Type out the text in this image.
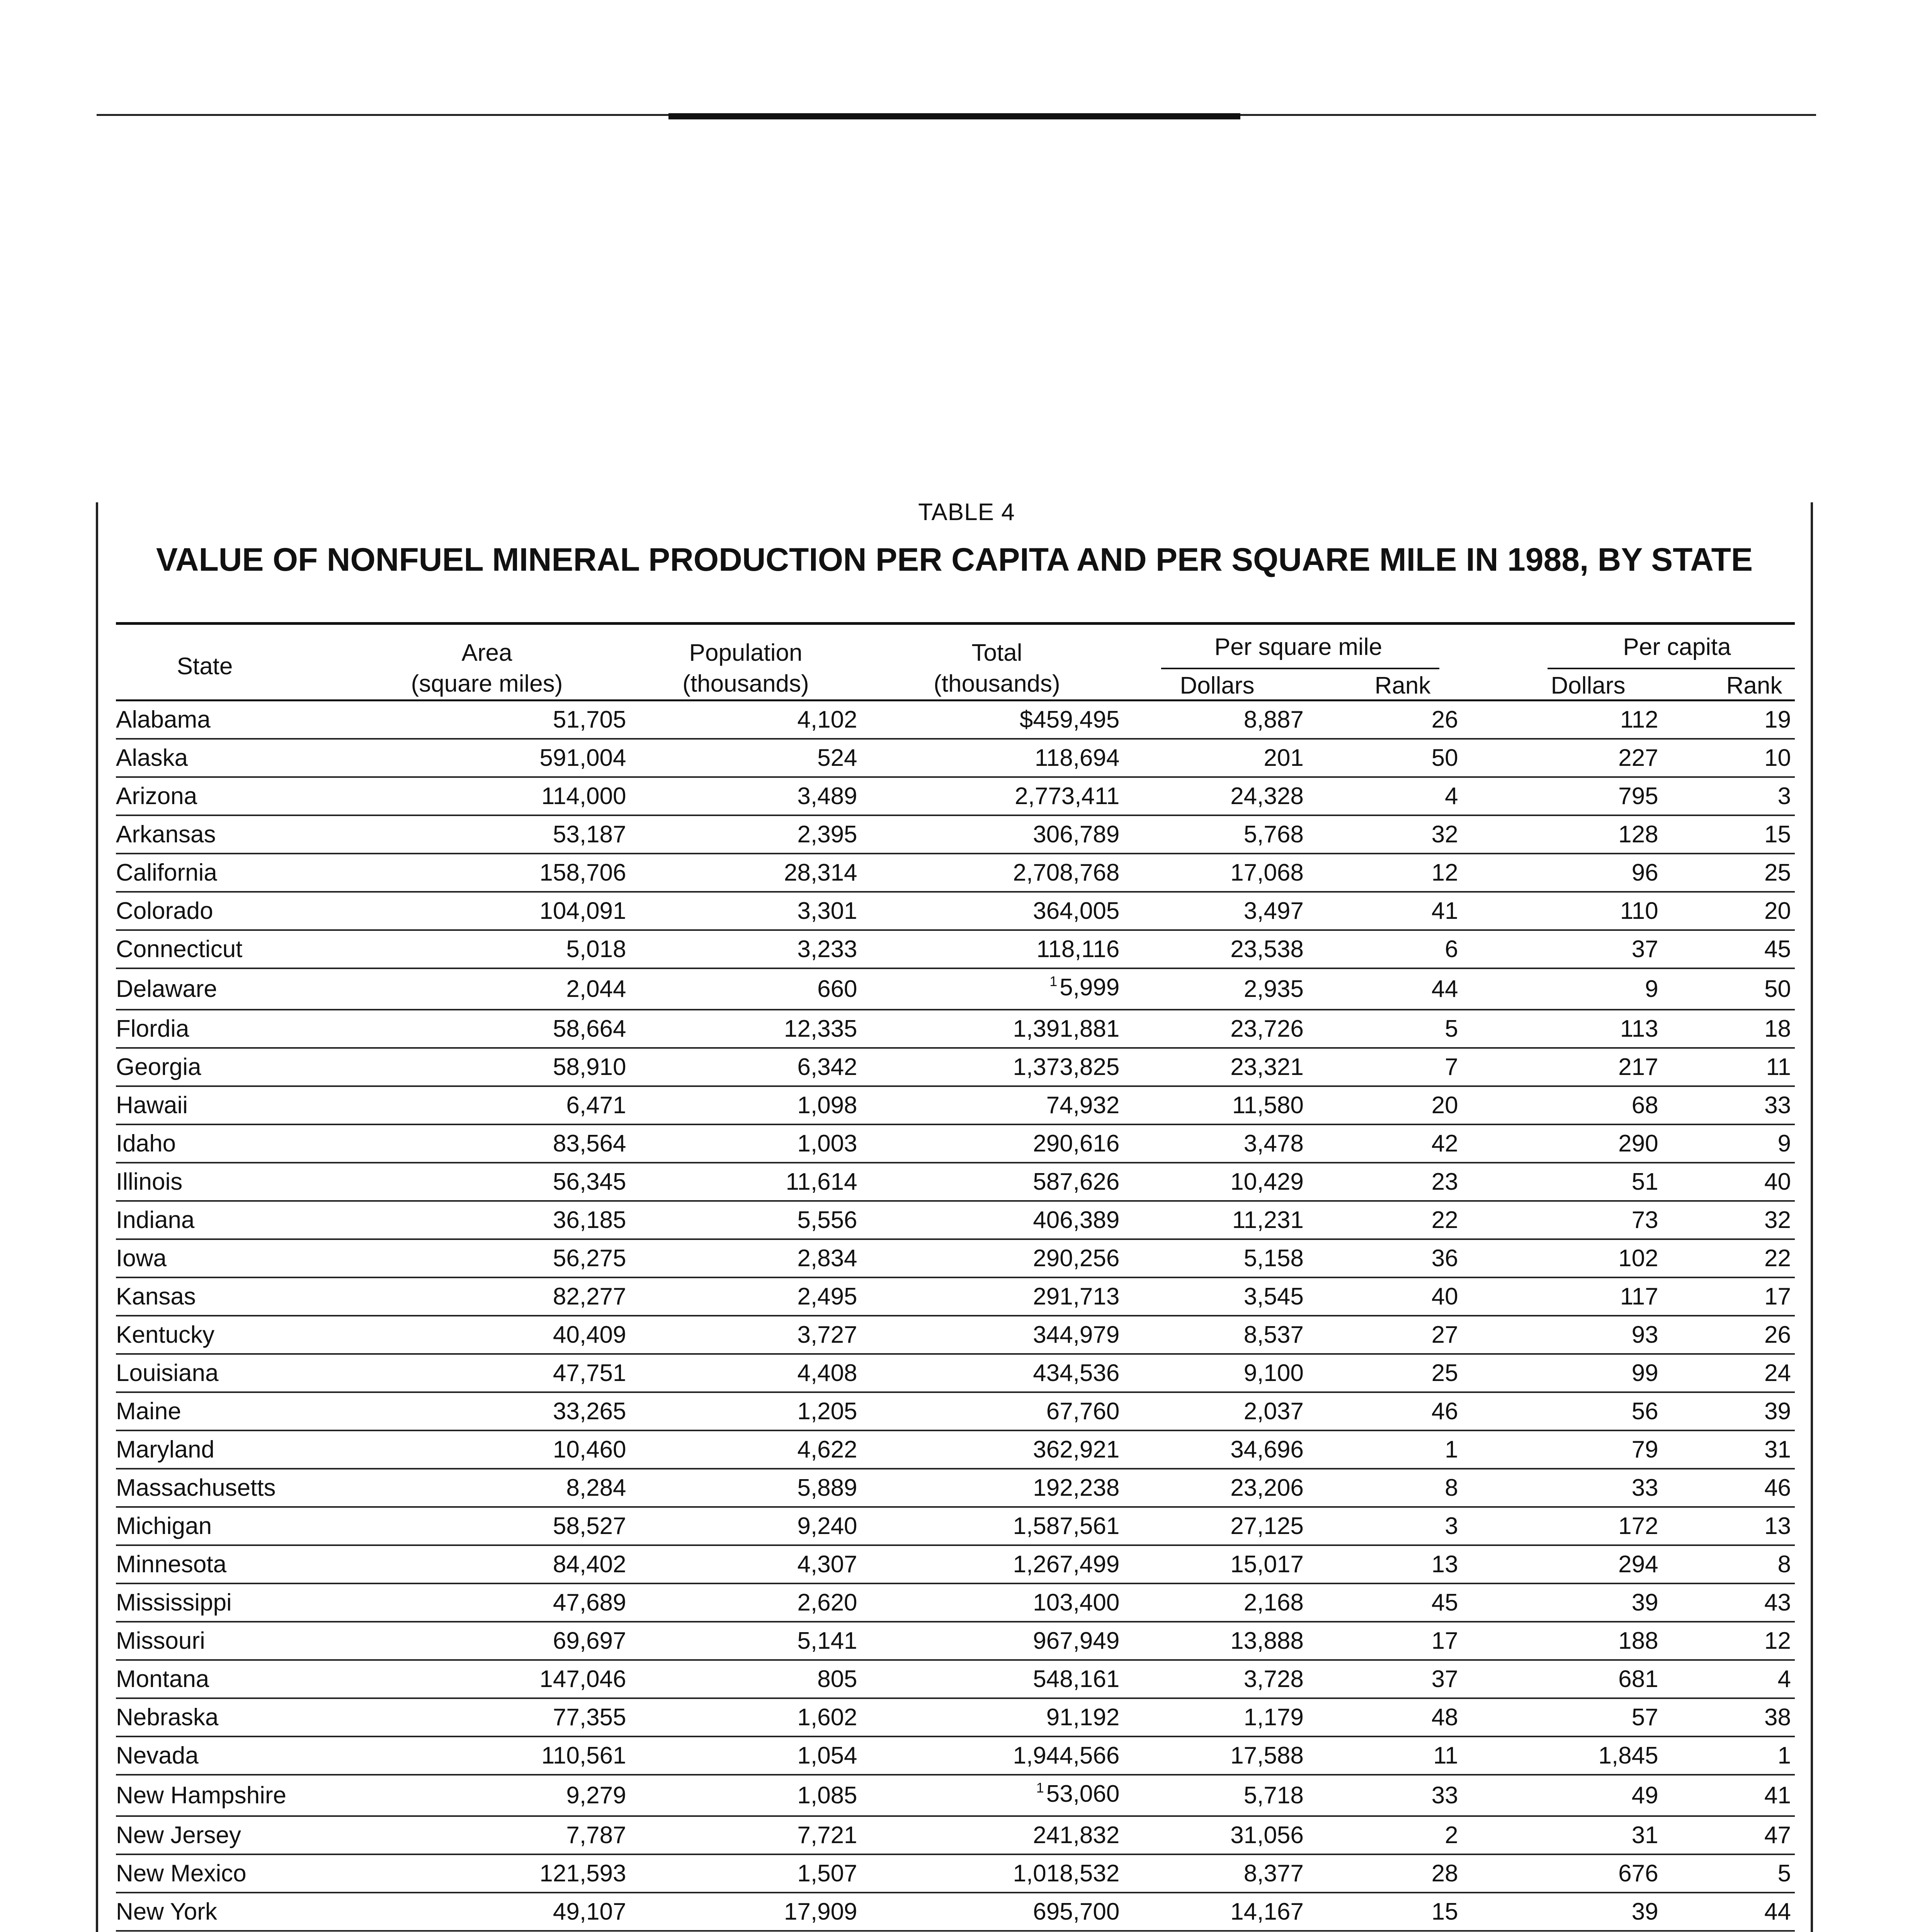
TABLE 4
VALUE OF NONFUEL MINERAL PRODUCTION PER CAPITA AND PER SQUARE MILE IN 1988, BY STATE
State
Area
(square miles)
Population
(thousands)
Total
(thousands)
Per square mile
Dollars	Rank
Per capita
Dollars	Rank
Alabama	51,705	4,102	$459,495	8,887	26	112	19
Alaska	591,004	524	118,694	201	50	227	10
Arizona	114,000	3,489	2,773,411	24,328	4	795	3
Arkansas	53,187	2,395	306,789	5,768	32	128	15
California	158,706	28,314	2,708,768	17,068	12	96	25
Colorado	104,091	3,301	364,005	3,497	41	110	20
Connecticut	5,018	3,233	118,116	23,538	6	37	45
Delaware	2,044	660	$^1$5,999	2,935	44	9	50
Flordia	58,664	12,335	1,391,881	23,726	5	113	18
Georgia	58,910	6,342	1,373,825	23,321	7	217	11
Hawaii	6,471	1,098	74,932	11,580	20	68	33
Idaho	83,564	1,003	290,616	3,478	42	290	9
Illinois	56,345	11,614	587,626	10,429	23	51	40
Indiana	36,185	5,556	406,389	11,231	22	73	32
Iowa	56,275	2,834	290,256	5,158	36	102	22
Kansas	82,277	2,495	291,713	3,545	40	117	17
Kentucky	40,409	3,727	344,979	8,537	27	93	26
Louisiana	47,751	4,408	434,536	9,100	25	99	24
Maine	33,265	1,205	67,760	2,037	46	56	39
Maryland	10,460	4,622	362,921	34,696	1	79	31
Massachusetts	8,284	5,889	192,238	23,206	8	33	46
Michigan	58,527	9,240	1,587,561	27,125	3	172	13
Minnesota	84,402	4,307	1,267,499	15,017	13	294	8
Mississippi	47,689	2,620	103,400	2,168	45	39	43
Missouri	69,697	5,141	967,949	13,888	17	188	12
Montana	147,046	805	548,161	3,728	37	681	4
Nebraska	77,355	1,602	91,192	1,179	48	57	38
Nevada	110,561	1,054	1,944,566	17,588	11	1,845	1
New Hampshire	9,279	1,085	$^1$53,060	5,718	33	49	41
New Jersey	7,787	7,721	241,832	31,056	2	31	47
New Mexico	121,593	1,507	1,018,532	8,377	28	676	5
New York	49,107	17,909	695,700	14,167	15	39	44
